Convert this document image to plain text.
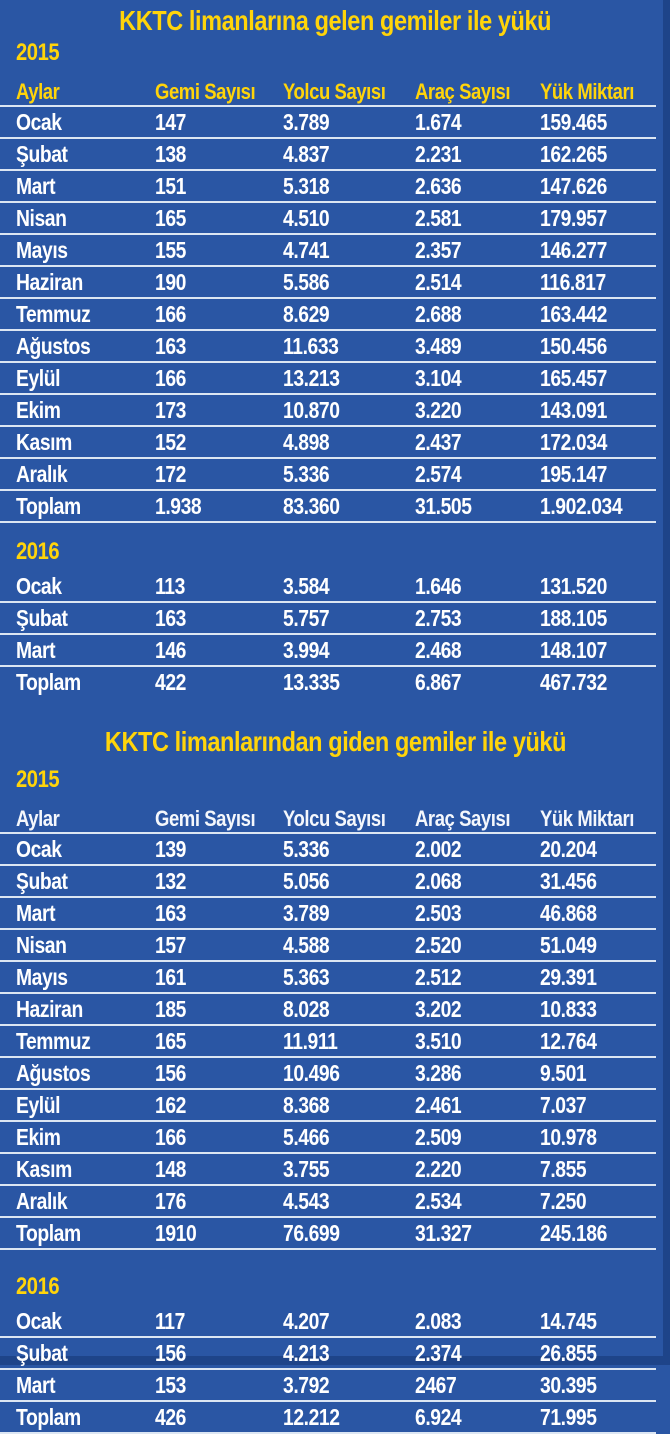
KKTC limanlarına gelen gemiler ile yükü
2015
Aylar	Gemi Sayısı	Yolcu Sayısı	Araç Sayısı	Yük Miktarı
Ocak	147	3.789	1.674	159.465
Şubat	138	4.837	2.231	162.265
Mart	151	5.318	2.636	147.626
Nisan	165	4.510	2.581	179.957
Mayıs	155	4.741	2.357	146.277
Haziran	190	5.586	2.514	116.817
Temmuz	166	8.629	2.688	163.442
Ağustos	163	11.633	3.489	150.456
Eylül	166	13.213	3.104	165.457
Ekim	173	10.870	3.220	143.091
Kasım	152	4.898	2.437	172.034
Aralık	172	5.336	2.574	195.147
Toplam	1.938	83.360	31.505	1.902.034
2016
Ocak	113	3.584	1.646	131.520
Şubat	163	5.757	2.753	188.105
Mart	146	3.994	2.468	148.107
Toplam	422	13.335	6.867	467.732
KKTC limanlarından giden gemiler ile yükü
2015
Aylar	Gemi Sayısı	Yolcu Sayısı	Araç Sayısı	Yük Miktarı
Ocak	139	5.336	2.002	20.204
Şubat	132	5.056	2.068	31.456
Mart	163	3.789	2.503	46.868
Nisan	157	4.588	2.520	51.049
Mayıs	161	5.363	2.512	29.391
Haziran	185	8.028	3.202	10.833
Temmuz	165	11.911	3.510	12.764
Ağustos	156	10.496	3.286	9.501
Eylül	162	8.368	2.461	7.037
Ekim	166	5.466	2.509	10.978
Kasım	148	3.755	2.220	7.855
Aralık	176	4.543	2.534	7.250
Toplam	1910	76.699	31.327	245.186
2016
Ocak	117	4.207	2.083	14.745
Şubat	156	4.213	2.374	26.855
Mart	153	3.792	2467	30.395
Toplam	426	12.212	6.924	71.995
